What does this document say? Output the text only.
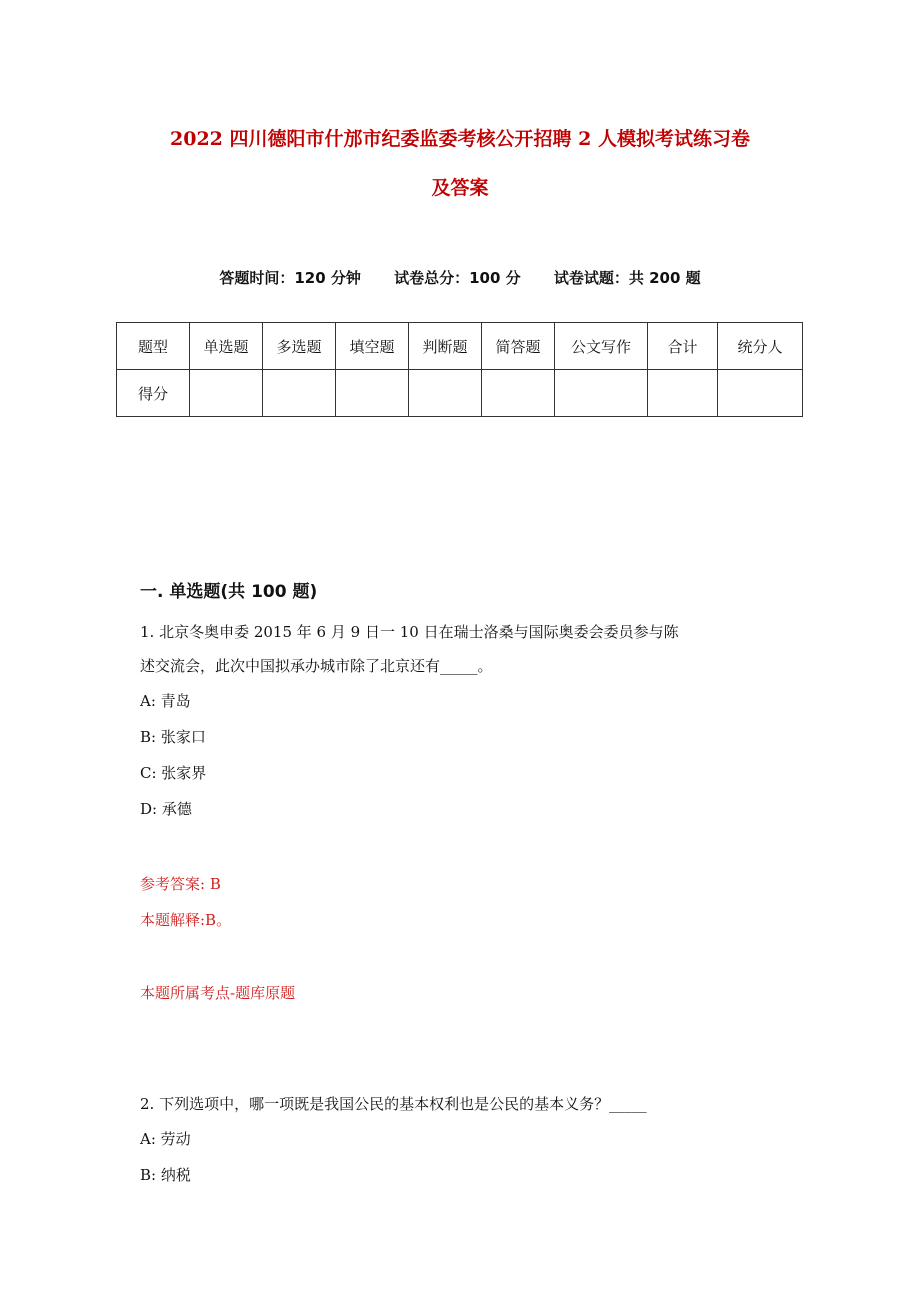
2022 四川德阳市什邡市纪委监委考核公开招聘 2 人模拟考试练习卷
及答案
答题时间：120 分钟 试卷总分：100 分 试卷试题：共 200 题
题型	单选题	多选题	填空题	判断题	简答题	公文写作	合计	统分人
得分								
一. 单选题(共 100 题)

1. 北京冬奥申委 2015 年 6 月 9 日一 10 日在瑞士洛桑与国际奥委会委员参与陈

述交流会，此次中国拟承办城市除了北京还有_____。

A: 青岛

B: 张家口

C: 张家界

D: 承德

参考答案: B

本题解释:B。

本题所属考点-题库原题

2. 下列选项中，哪一项既是我国公民的基本权利也是公民的基本义务？_____

A: 劳动

B: 纳税
